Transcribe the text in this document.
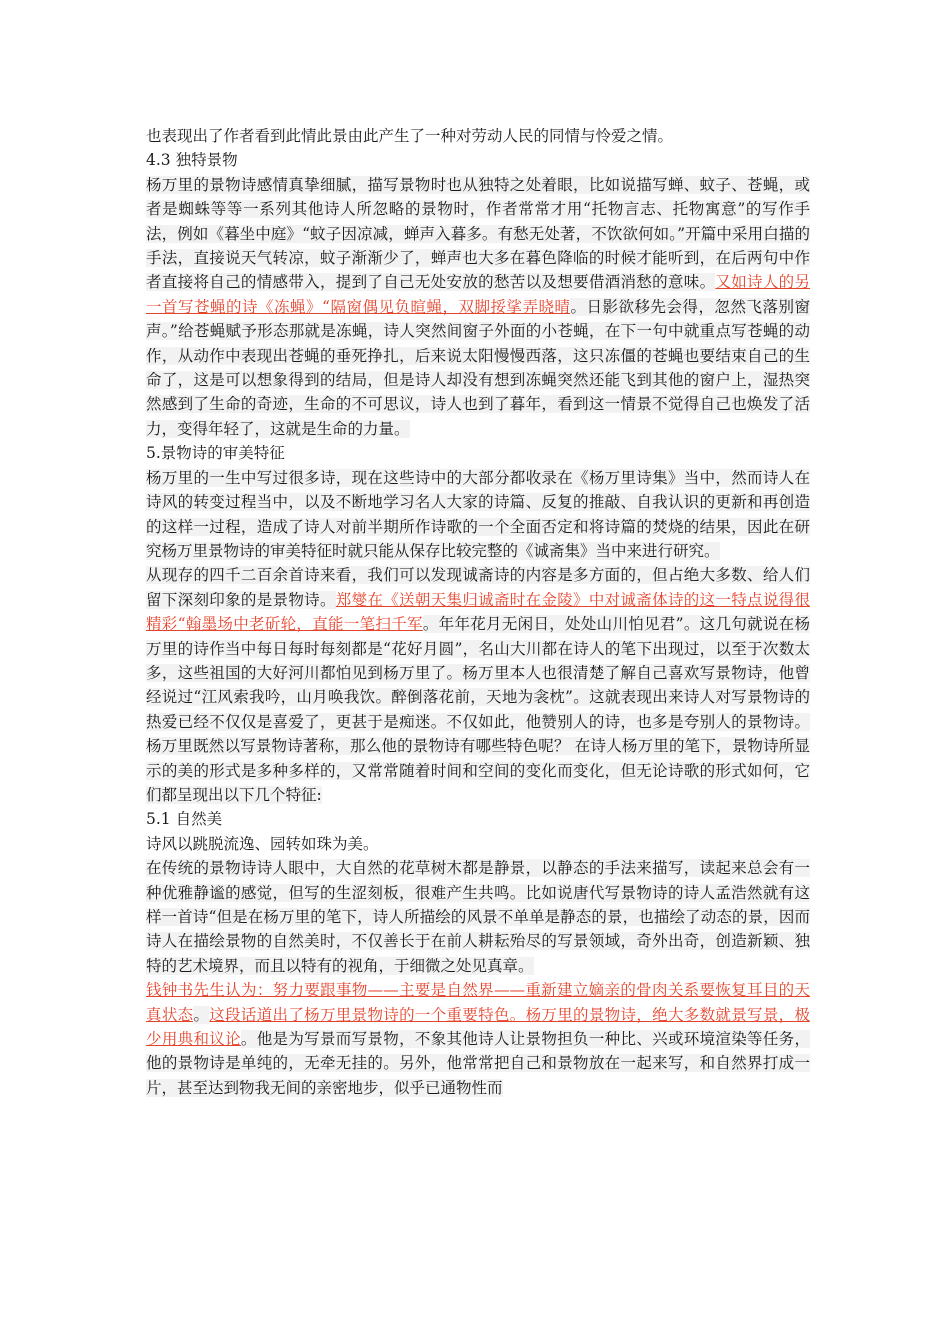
也表现出了作者看到此情此景由此产生了一种对劳动人民的同情与怜爱之情。

4.3 独特景物

杨万里的景物诗感情真挚细腻，描写景物时也从独特之处着眼，比如说描写蝉、蚊子、苍蝇，或者是蜘蛛等等一系列其他诗人所忽略的景物时，作者常常才用“托物言志、托物寓意”的写作手法，例如《暮坐中庭》“蚊子因凉减，蝉声入暮多。有愁无处著，不饮欲何如。”开篇中采用白描的手法，直接说天气转凉，蚊子渐渐少了，蝉声也大多在暮色降临的时候才能听到，在后两句中作者直接将自己的情感带入，提到了自己无处安放的愁苦以及想要借酒消愁的意味。又如诗人的另一首写苍蝇的诗《冻蝇》“隔窗偶见负暄蝇，双脚挼挲弄晓晴。日影欲移先会得，忽然飞落别窗声。”给苍蝇赋予形态那就是冻蝇，诗人突然间窗子外面的小苍蝇，在下一句中就重点写苍蝇的动作，从动作中表现出苍蝇的垂死挣扎，后来说太阳慢慢西落，这只冻僵的苍蝇也要结束自己的生命了，这是可以想象得到的结局，但是诗人却没有想到冻蝇突然还能飞到其他的窗户上，湿热突然感到了生命的奇迹，生命的不可思议，诗人也到了暮年，看到这一情景不觉得自己也焕发了活力，变得年轻了，这就是生命的力量。

5.景物诗的审美特征

杨万里的一生中写过很多诗，现在这些诗中的大部分都收录在《杨万里诗集》当中，然而诗人在诗风的转变过程当中，以及不断地学习名人大家的诗篇、反复的推敲、自我认识的更新和再创造的这样一过程，造成了诗人对前半期所作诗歌的一个全面否定和将诗篇的焚烧的结果，因此在研究杨万里景物诗的审美特征时就只能从保存比较完整的《诚斋集》当中来进行研究。

从现存的四千二百余首诗来看，我们可以发现诚斋诗的内容是多方面的，但占绝大多数、给人们留下深刻印象的是景物诗。郑燮在《送朝天集归诚斋时在金陵》中对诚斋体诗的这一特点说得很精彩“翰墨场中老斫轮，直能一笔扫千军。年年花月无闲日，处处山川怕见君”。这几句就说在杨万里的诗作当中每日每时每刻都是“花好月圆”，名山大川都在诗人的笔下出现过，以至于次数太多，这些祖国的大好河川都怕见到杨万里了。杨万里本人也很清楚了解自己喜欢写景物诗，他曾经说过“江风索我吟，山月唤我饮。醉倒落花前，天地为衾枕”。这就表现出来诗人对写景物诗的热爱已经不仅仅是喜爱了，更甚于是痴迷。不仅如此，他赞别人的诗，也多是夸别人的景物诗。杨万里既然以写景物诗著称，那么他的景物诗有哪些特色呢？ 在诗人杨万里的笔下，景物诗所显示的美的形式是多种多样的，又常常随着时间和空间的变化而变化，但无论诗歌的形式如何，它们都呈现出以下几个特征:

5.1 自然美

诗风以跳脱流逸、园转如珠为美。

在传统的景物诗诗人眼中，大自然的花草树木都是静景，以静态的手法来描写，读起来总会有一种优雅静谧的感觉，但写的生涩刻板，很难产生共鸣。比如说唐代写景物诗的诗人孟浩然就有这样一首诗“但是在杨万里的笔下，诗人所描绘的风景不单单是静态的景，也描绘了动态的景，因而诗人在描绘景物的自然美时，不仅善长于在前人耕耘殆尽的写景领域，奇外出奇，创造新颖、独特的艺术境界，而且以特有的视角，于细微之处见真章。

钱钟书先生认为：努力要跟事物——主要是自然界——重新建立嫡亲的骨肉关系要恢复耳目的天真状态。这段话道出了杨万里景物诗的一个重要特色。杨万里的景物诗，绝大多数就景写景，极少用典和议论。他是为写景而写景物，不象其他诗人让景物担负一种比、兴或环境渲染等任务，他的景物诗是单纯的，无牵无挂的。另外，他常常把自己和景物放在一起来写，和自然界打成一片，甚至达到物我无间的亲密地步，似乎已通物性而
